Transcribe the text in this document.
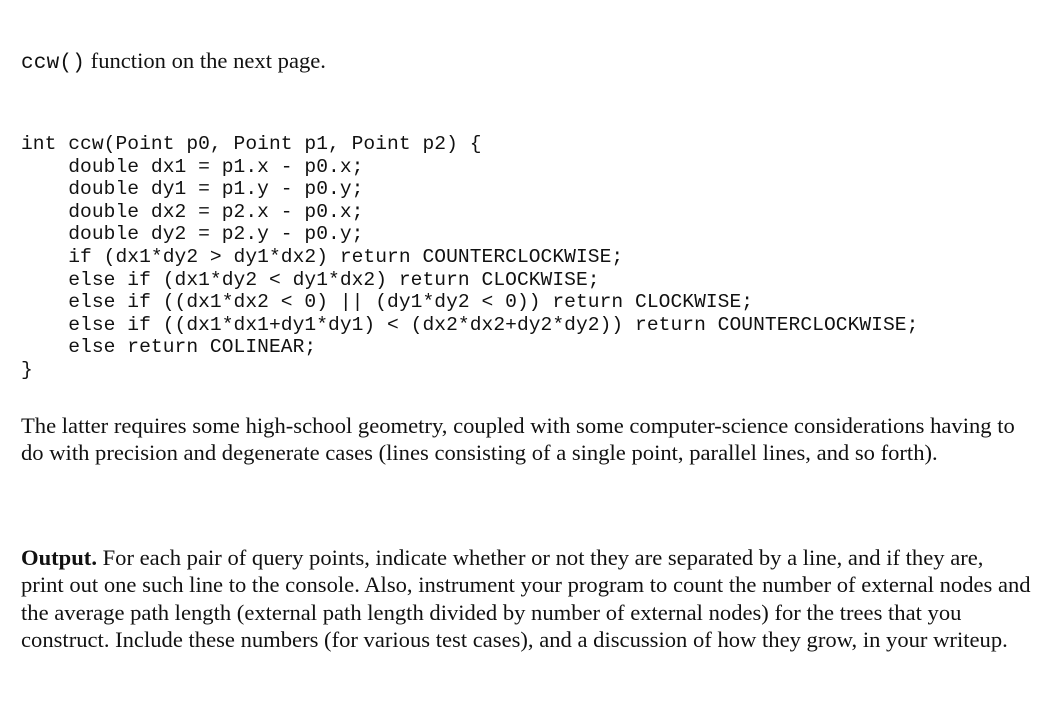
ccw() function on the next page.
int ccw(Point p0, Point p1, Point p2) {
double dx1 = p1.x - p0.x;
double dy1 = p1.y - p0.y;
double dx2 = p2.x - p0.x;
double dy2 = p2.y - p0.y;
if (dx1*dy2 > dy1*dx2) return COUNTERCLOCKWISE;
else if (dx1*dy2 < dy1*dx2) return CLOCKWISE;
else if ((dx1*dx2 < 0) || (dy1*dy2 < 0)) return CLOCKWISE;
else if ((dx1*dx1+dy1*dy1) < (dx2*dx2+dy2*dy2)) return COUNTERCLOCKWISE;
else return COLINEAR;
}

The latter requires some high-school geometry, coupled with some computer-science considerations having to do with precision and degenerate cases (lines consisting of a single point, parallel lines, and so forth).

Output. For each pair of query points, indicate whether or not they are separated by a line, and if they are, print out one such line to the console. Also, instrument your program to count the number of external nodes and the average path length (external path length divided by number of external nodes) for the trees that you construct. Include these numbers (for various test cases), and a discussion of how they grow, in your writeup.
